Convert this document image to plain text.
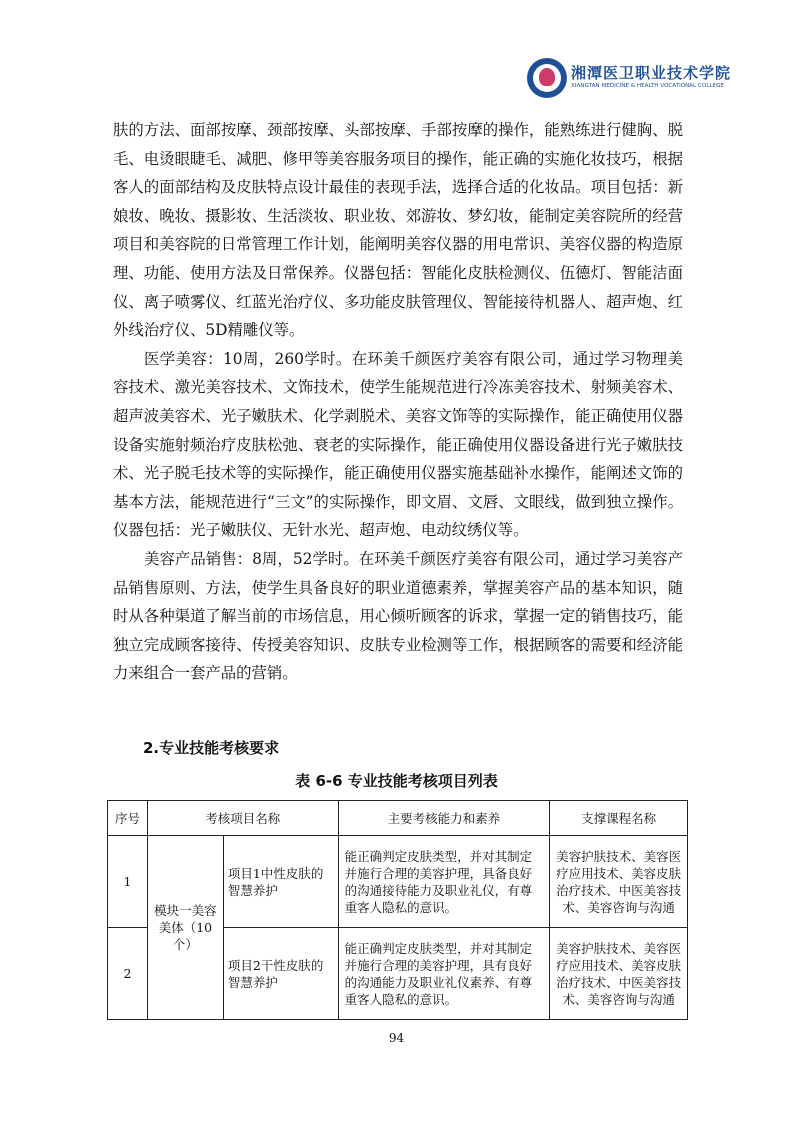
湘潭医卫职业技术学院
XIANGTAN MEDICINE & HEALTH VOCATIONAL COLLEGE

肤的方法、面部按摩、颈部按摩、头部按摩、手部按摩的操作，能熟练进行健胸、脱毛、电烫眼睫毛、减肥、修甲等美容服务项目的操作，能正确的实施化妆技巧，根据客人的面部结构及皮肤特点设计最佳的表现手法，选择合适的化妆品。项目包括：新娘妆、晚妆、摄影妆、生活淡妆、职业妆、郊游妆、梦幻妆，能制定美容院所的经营项目和美容院的日常管理工作计划，能阐明美容仪器的用电常识、美容仪器的构造原理、功能、使用方法及日常保养。仪器包括：智能化皮肤检测仪、伍德灯、智能洁面仪、离子喷雾仪、红蓝光治疗仪、多功能皮肤管理仪、智能接待机器人、超声炮、红外线治疗仪、5D精雕仪等。

医学美容：10周，260学时。在环美千颜医疗美容有限公司，通过学习物理美容技术、激光美容技术、文饰技术，使学生能规范进行冷冻美容技术、射频美容术、超声波美容术、光子嫩肤术、化学剥脱术、美容文饰等的实际操作，能正确使用仪器设备实施射频治疗皮肤松弛、衰老的实际操作，能正确使用仪器设备进行光子嫩肤技术、光子脱毛技术等的实际操作，能正确使用仪器实施基础补水操作，能阐述文饰的基本方法，能规范进行“三文”的实际操作，即文眉、文唇、文眼线，做到独立操作。仪器包括：光子嫩肤仪、无针水光、超声炮、电动纹绣仪等。

美容产品销售：8周，52学时。在环美千颜医疗美容有限公司，通过学习美容产品销售原则、方法，使学生具备良好的职业道德素养，掌握美容产品的基本知识，随时从各种渠道了解当前的市场信息，用心倾听顾客的诉求，掌握一定的销售技巧，能独立完成顾客接待、传授美容知识、皮肤专业检测等工作，根据顾客的需要和经济能力来组合一套产品的营销。

2.专业技能考核要求
表 6-6 专业技能考核项目列表
序号	考核项目名称		主要考核能力和素养	支撑课程名称
1	模块一美容美体（10个）	项目1中性皮肤的智慧养护	能正确判定皮肤类型，并对其制定并施行合理的美容护理，具备良好的沟通接待能力及职业礼仪，有尊重客人隐私的意识。	美容护肤技术、美容医疗应用技术、美容皮肤治疗技术、中医美容技术、美容咨询与沟通
2		项目2干性皮肤的智慧养护	能正确判定皮肤类型，并对其制定并施行合理的美容护理，具有良好的沟通能力及职业礼仪素养、有尊重客人隐私的意识。	美容护肤技术、美容医疗应用技术、美容皮肤治疗技术、中医美容技术、美容咨询与沟通
94
